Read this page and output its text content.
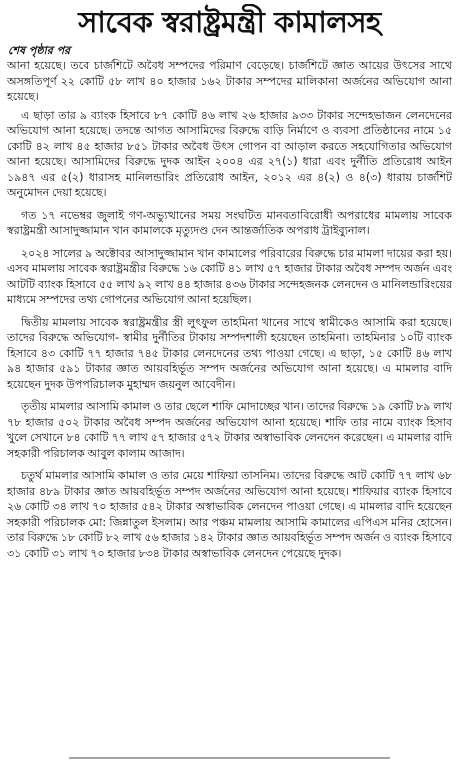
সাবেক স্বরাষ্ট্রমন্ত্রী কামালসহ
শেষ পৃষ্ঠার পর

আনা হয়েছে। তবে চার্জশিটে অবৈধ সম্পদের পরিমাণ বেড়েছে। চার্জশিটে জ্ঞাত আয়ের উৎসের সাথে অসঙ্গতিপূর্ণ ২২ কোটি ৫৮ লাখ ৪০ হাজার ১৬২ টাকার সম্পদের মালিকানা অর্জনের অভিযোগ আনা হয়েছে।

এ ছাড়া তার ৯ ব্যাংক হিসাবে ৮৭ কোটি ৪৬ লাখ ২৬ হাজার ৯৩৩ টাকার সন্দেহভাজন লেনদেনের অভিযোগ আনা হয়েছে। তদন্তে আগত আসামিদের বিরুদ্ধে বাড়ি নির্মাণে ও ব্যবসা প্রতিষ্ঠানের নামে ১৫ কোটি ৪২ লাখ ৪৫ হাজার ৮৫১ টাকার অবৈধ উৎস গোপন বা আড়াল করতে সহযোগিতার অভিযোগ আনা হয়েছে। আসামিদের বিরুদ্ধে দুদক আইন ২০০৪ এর ২৭(১) ধারা এবং দুর্নীতি প্রতিরোধ আইন ১৯৪৭ এর ৫(২) ধারাসহ মানিলন্ডারিং প্রতিরোধ আইন, ২০১২ এর ৪(২) ও ৪(৩) ধারায় চার্জশিট অনুমোদন দেয়া হয়েছে।

গত ১৭ নভেম্বর জুলাই গণ-অভ্যুত্থানের সময় সংঘটিত মানবতাবিরোধী অপরাধের মামলায় সাবেক স্বরাষ্ট্রমন্ত্রী আসাদুজ্জামান খান কামালকে মৃত্যুদণ্ড দেন আন্তর্জাতিক অপরাধ ট্রাইব্যুনাল।

২০২৪ সালের ৯ অক্টোবর আসাদুজ্জামান খান কামালের পরিবারের বিরুদ্ধে চার মামলা দায়ের করা হয়। এসব মামলায় সাবেক স্বরাষ্ট্রমন্ত্রীর বিরুদ্ধে ১৬ কোটি ৪১ লাখ ৫৭ হাজার টাকার অবৈধ সম্পদ অর্জন এবং আটটি ব্যাংক হিসাবে ৫৫ লাখ ৯২ লাখ ৪৪ হাজার ৪৩৬ টাকার সন্দেহজনক লেনদেন ও মানিলন্ডারিংয়ের মাধ্যমে সম্পদের তথ্য গোপনের অভিযোগ আনা হয়েছিল।

দ্বিতীয় মামলায় সাবেক স্বরাষ্ট্রমন্ত্রীর স্ত্রী লুৎফুল তাহমিনা খানের সাথে স্বামীকেও আসামি করা হয়েছে। তাদের বিরুদ্ধে অভিযোগ- স্বামীর দুর্নীতির টাকায় সম্পদশালী হয়েছেন তাহমিনা। তাহমিনার ১০টি ব্যাংক হিসাবে ৪৩ কোটি ৭৭ হাজার ৭৪৫ টাকার লেনদেনের তথ্য পাওয়া গেছে। এ ছাড়া, ১৫ কোটি ৪৬ লাখ ৯৪ হাজার ৫৯১ টাকার জ্ঞাত আয়বহির্ভূত সম্পদ অর্জনের অভিযোগ আনা হয়েছে। এ মামলার বাদি হয়েছেন দুদক উপপরিচালক মুহাম্মদ জয়নুল আবেদীন।

তৃতীয় মামলার আসামি কামাল ও তার ছেলে শাফি মোদাচ্ছের খান। তাদের বিরুদ্ধে ১৯ কোটি ৮৯ লাখ ৭৮ হাজার ৫০২ টাকার অবৈধ সম্পদ অর্জনের অভিযোগ আনা হয়েছে। শাফি তার নামে ব্যাংক হিসাব খুলে সেখানে ৮৪ কোটি ৭৭ লাখ ৫৭ হাজার ৫৭২ টাকার অস্বাভাবিক লেনদেন করেছেন। এ মামলার বাদি সহকারী পরিচালক আবুল কালাম আজাদ।

চতুর্থ মামলার আসামি কামাল ও তার মেয়ে শাফিয়া তাসনিম। তাদের বিরুদ্ধে আট কোটি ৭৭ লাখ ৬৮ হাজার ৪৮৯ টাকার জ্ঞাত আয়বহির্ভূত সম্পদ অর্জনের অভিযোগ আনা হয়েছে। শাফিয়ার ব্যাংক হিসাবে ২৬ কোটি ৩৪ লাখ ৭০ হাজার ৫৪২ টাকার অস্বাভাবিক লেনদেন পাওয়া গেছে। এ মামলার বাদি হয়েছেন সহকারী পরিচালক মো: জিন্নাতুল ইসলাম। আর পঞ্চম মামলায় আসামি কামালের এপিএস মনির হোসেন। তার বিরুদ্ধে ১৮ কোটি ৮২ লাখ ৫৬ হাজার ১৪২ টাকার জ্ঞাত আয়বহির্ভূত সম্পদ অর্জন ও ব্যাংক হিসাবে ৩১ কোটি ৩১ লাখ ৭০ হাজার ৮৩৪ টাকার অস্বাভাবিক লেনদেন পেয়েছে দুদক।
